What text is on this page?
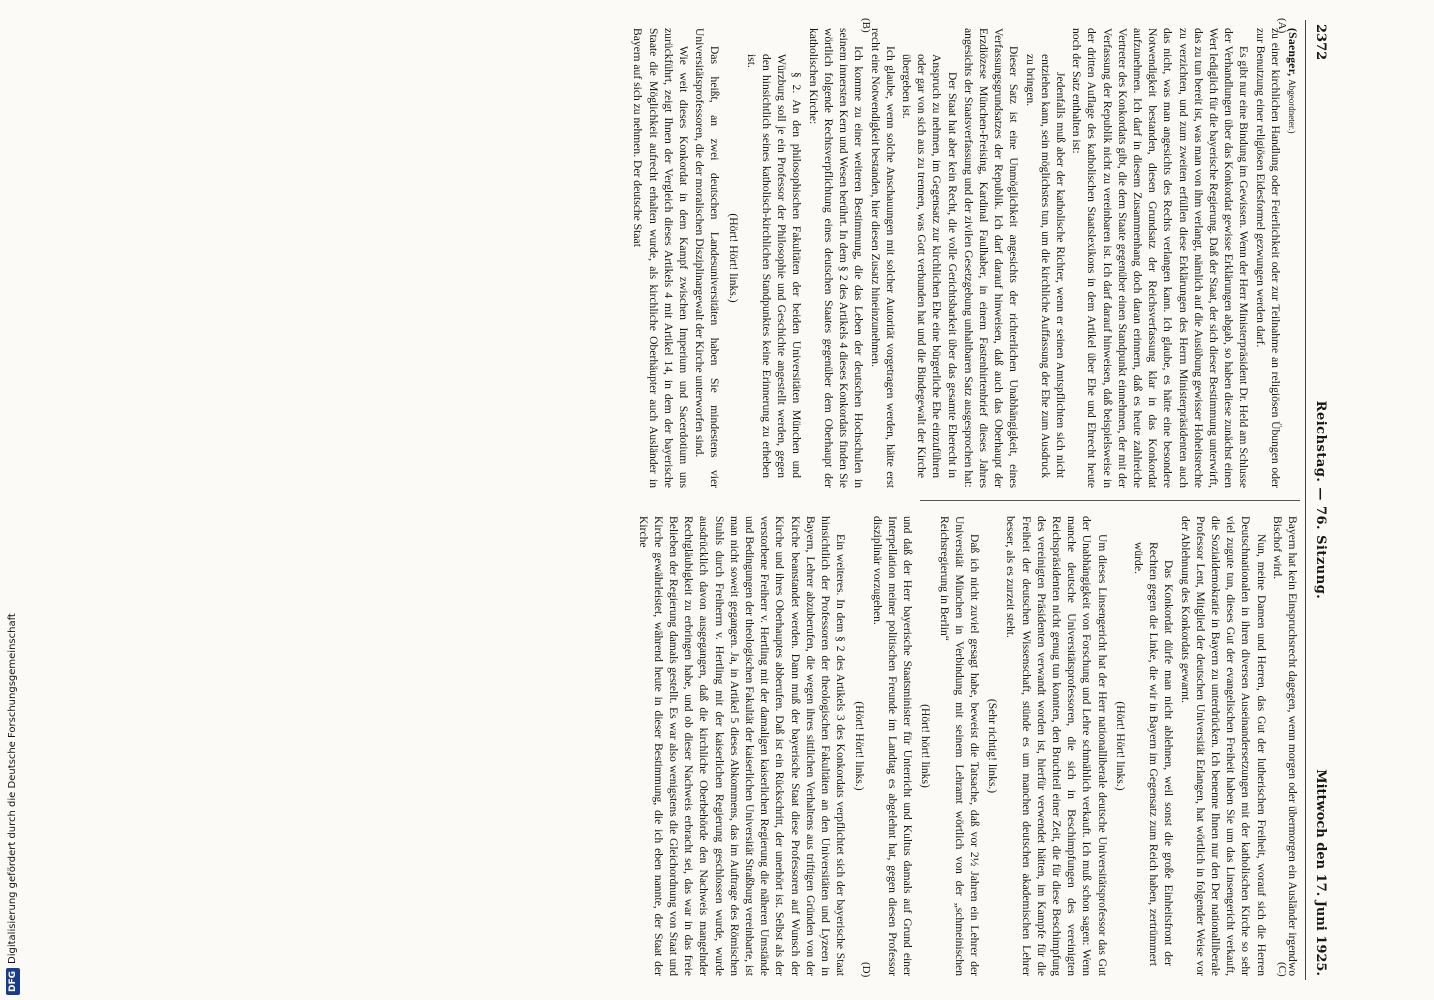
DFGDigitalisierung gefördert durch die Deutsche Forschungsgemeinschaft
2372
Reichstag. — 76. Sitzung.
Mittwoch den 17. Juni 1925.
(A)
(B)
(C)
(D)

(Saenger, Abgeordneter.)

zu einer kirchlichen Handlung oder Feierlichkeit oder zur Teilnahme an religiösen Übungen oder zur Benutzung einer religiösen Eidesformel gezwungen werden darf.

Es gibt nur eine Bindung im Gewissen. Wenn der Herr Ministerpräsident Dr. Held am Schlusse der Verhandlungen über das Konkordat gewisse Erklärungen abgab, so haben diese zunächst einen Wert lediglich für die bayerische Regierung. Daß der Staat, der sich dieser Bestimmung unterwirft, das zu tun bereit ist, was man von ihm verlangt, nämlich auf die Ausübung gewisser Hoheitsrechte zu verzichten, und zum zweiten erfüllen diese Erklärungen des Herrn Ministerpräsidenten auch das nicht, was man angesichts des Rechts verlangen kann. Ich glaube, es hätte eine besondere Notwendigkeit bestanden, diesen Grundsatz der Reichsverfassung klar in das Konkordat aufzunehmen. Ich darf in diesem Zusammenhang doch daran erinnern, daß es heute zahlreiche Vertreter des Konkordats gibt, die dem Staate gegenüber einen Standpunkt einnehmen, der mit der Verfassung der Republik nicht zu vereinbaren ist. Ich darf darauf hinweisen, daß beispielsweise in der dritten Auflage des katholischen Staatslexikons in dem Artikel über Ehe und Ehrecht heute noch der Satz enthalten ist:

Jedenfalls muß aber der katholische Richter, wenn er seinen Amtspflichten sich nicht entziehen kann, sein möglichstes tun, um die kirchliche Auffassung der Ehe zum Ausdruck zu bringen.

Dieser Satz ist eine Unmöglichkeit angesichts der richterlichen Unabhängigkeit, eines Verfassungsgrundsatzes der Republik. Ich darf darauf hinweisen, daß auch das Oberhaupt der Erzdiözese München-Freising, Kardinal Faulhaber, in einem Fastenhirtenbrief dieses Jahres angesichts der Staatsverfassung und der zivilen Gesetzgebung unhaltbaren Satz ausgesprochen hat:

Der Staat hat aber kein Recht, die volle Gerichtsbarkeit über das gesamte Eherecht in Anspruch zu nehmen, im Gegensatz zur kirchlichen Ehe eine bürgerliche Ehe einzuführen oder gar von sich aus zu trennen, was Gott verbunden hat und die Bindegewalt der Kirche übergeben ist.

Ich glaube, wenn solche Anschauungen mit solcher Autorität vorgetragen werden, hätte erst recht eine Notwendigkeit bestanden, hier diesen Zusatz hineinzunehmen.

Ich komme zu einer weiteren Bestimmung, die das Leben der deutschen Hochschulen in seinem innersten Kern und Wesen berührt. In dem § 2 des Artikels 4 dieses Konkordats finden Sie wörtlich folgende Rechtsverpflichtung eines deutschen Staates gegenüber dem Oberhaupt der katholischen Kirche:

§ 2. An den philosophischen Fakultäten der beiden Universitäten München und Würzburg soll je ein Professor der Philosophie und Geschichte angestellt werden, gegen den hinsichtlich seines katholisch-kirchlichen Standpunktes keine Erinnerung zu erheben ist.

(Hört! Hört! links.)

Das heißt, an zwei deutschen Landesuniversitäten haben Sie mindestens vier Universitätsprofessoren, die der moralischen Disziplinargewalt der Kirche unterworfen sind.

Wie weit dieses Konkordat in dem Kampf zwischen Imperium und Sacerdotium uns zurückführt, zeigt Ihnen der Vergleich dieses Artikels 4 mit Artikel 14, in dem der bayerische Staate die Möglichkeit aufrecht erhalten wurde, als kirchliche Oberhäupter auch Ausländer in Bayern auf sich zu nehmen. Der deutsche Staat

Bayern hat kein Einspruchsrecht dagegen, wenn morgen oder übermorgen ein Ausländer irgendwo Bischof wird.

Nun, meine Damen und Herren, das Gut der lutherischen Freiheit, worauf sich die Herren Deutschnationalen in ihren diversen Auseinandersetzungen mit der katholischen Kirche so sehr viel zugute tun, dieses Gut der evangelischen Freiheit haben Sie um das Linsengericht verkauft, die Sozialdemokratie in Bayern zu unterdrücken. Ich benenne Ihnen nur den Der nationalliberale Professor Lent, Mitglied der deutschen Universität Erlangen, hat wörtlich in folgender Weise vor der Ablehnung des Konkordats gewarnt.

Das Konkordat dürfe man nicht ablehnen, weil sonst die große Einheitsfront der Rechten gegen die Linke, die wir in Bayern im Gegensatz zum Reich haben, zertrümmert würde.

(Hört! Hört! links.)

Um dieses Linsengericht hat der Herr nationalliberale deutsche Universitätsprofessor das Gut der Unabhängigkeit von Forschung und Lehre schmählich verkauft. Ich muß schon sagen: Wenn manche deutsche Universitätsprofessoren, die sich in Beschimpfungen des vereinigten Reichspräsidenten nicht genug tun konnten, den Bruchteil einer Zeit, die für diese Beschimpfung des vereinigten Präsidenten verwandt worden ist, hierfür verwendet hätten, im Kampfe für die Freiheit der deutschen Wissenschaft, stünde es um manchen deutschen akademischen Lehrer besser, als es zurzeit steht.

(Sehr richtig! links.)

Daß ich nicht zuviel gesagt habe, beweist die Tatsache, daß vor 2½ Jahren ein Lehrer der Universität München in Verbindung mit seinem Lehramt wörtlich von der „schmeinischen Reichsregierung in Berlin“

(Hört! hört! links)

und daß der Herr bayerische Staatsminister für Unterricht und Kultus damals auf Grund einer Interpellation meiner politischen Freunde im Landtag es abgelehnt hat, gegen diesen Professor disziplinär vorzugehen.

(Hört! Hört! links.)

Ein weiteres. In dem § 2 des Artikels 3 des Konkordats verpflichtet sich der bayerische Staat hinsichtlich der Professoren der theologischen Fakultäten an den Universitäten und Lyzeen in Bayern, Lehrer abzuberufen, die wegen ihres sittlichen Verhaltens aus triftigen Gründen von der Kirche beanstandet werden. Dann muß der bayerische Staat diese Professoren auf Wunsch der Kirche und ihres Oberhauptes abberufen. Daß ist ein Rückschritt, der unerhört ist. Selbst als der verstorbene Freiherr v. Hertling mit der damaligen kaiserlichen Regierung die näheren Umstände und Bedingungen der theologischen Fakultät der kaiserlichen Universität Straßburg vereinbarte, ist man nicht soweit gegangen. Ja, in Artikel 5 dieses Abkommens, das im Auftrage des Römischen Stuhls durch Freiherrn v. Hertling mit der kaiserlichen Regierung geschlossen wurde, wurde ausdrücklich davon ausgegangen, daß die kirchliche Oberbehörde den Nachweis mangelnder Rechtgläubigkeit zu erbringen habe, und ob dieser Nachweis erbracht sei, das war in das freie Belieben der Regierung damals gestellt. Es war also wenigstens die Gleichordnung von Staat und Kirche gewährleistet, während heute in dieser Bestimmung, die ich eben nannte, der Staat der Kirche
